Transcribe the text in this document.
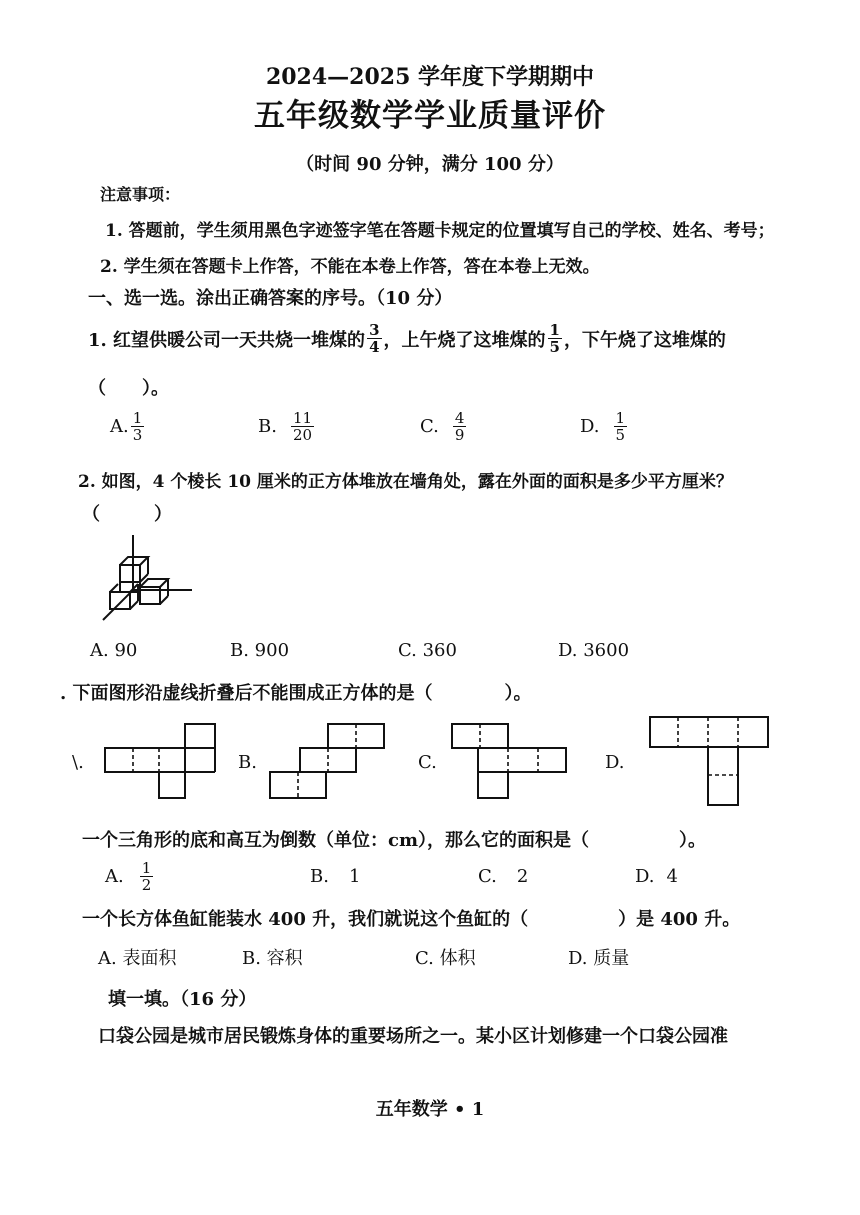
2024—2025 学年度下学期期中
五年级数学学业质量评价
（时间 90 分钟，满分 100 分）
注意事项：
1. 答题前，学生须用黑色字迹签字笔在答题卡规定的位置填写自己的学校、姓名、考号；
2. 学生须在答题卡上作答，不能在本卷上作答，答在本卷上无效。
一、选一选。涂出正确答案的序号。（10 分）
1. 红望供暖公司一天共烧一堆煤的 $\frac{3}{4}$ ，上午烧了这堆煤的 $\frac{1}{5}$ ，下午烧了这堆煤的
（　　）。
A. $\frac{1}{3}$	B. $\frac{11}{20}$	C. $\frac{4}{9}$	D. $\frac{1}{5}$
2. 如图，4 个棱长 10 厘米的正方体堆放在墙角处，露在外面的面积是多少平方厘米？
（　　　）
A. 90	B. 900	C. 360	D. 3600
. 下面图形沿虚线折叠后不能围成正方体的是（　　　　）。
\.	B.	C.	D.
一个三角形的底和高互为倒数（单位：cm），那么它的面积是（　　　　　）。
A. $\frac{1}{2}$	B. 1	C. 2	D. 4
一个长方体鱼缸能装水 400 升，我们就说这个鱼缸的（　　　　　）是 400 升。
A. 表面积	B. 容积	C. 体积	D. 质量
填一填。（16 分）
口袋公园是城市居民锻炼身体的重要场所之一。某小区计划修建一个口袋公园准
五年数学 • 1
